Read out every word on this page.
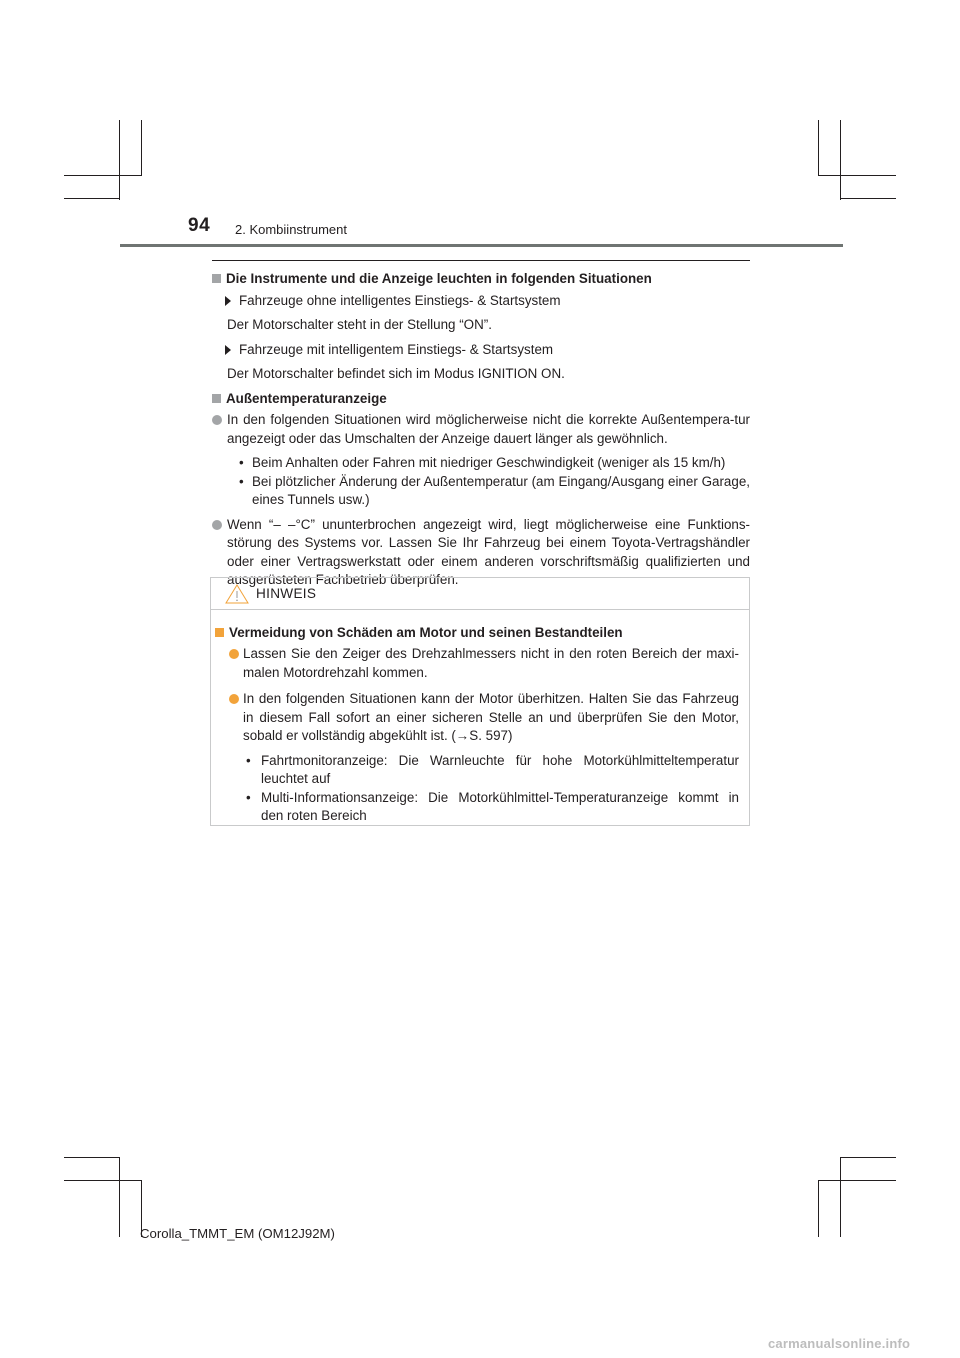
94 2. Kombiinstrument
Die Instrumente und die Anzeige leuchten in folgenden Situationen
Fahrzeuge ohne intelligentes Einstiegs- & Startsystem
Der Motorschalter steht in der Stellung “ON”.
Fahrzeuge mit intelligentem Einstiegs- & Startsystem
Der Motorschalter befindet sich im Modus IGNITION ON.
Außentemperaturanzeige
In den folgenden Situationen wird möglicherweise nicht die korrekte Außentempera-tur angezeigt oder das Umschalten der Anzeige dauert länger als gewöhnlich.
• Beim Anhalten oder Fahren mit niedriger Geschwindigkeit (weniger als 15 km/h)
• Bei plötzlicher Änderung der Außentemperatur (am Eingang/Ausgang einer Garage, eines Tunnels usw.)
Wenn “– –°C” ununterbrochen angezeigt wird, liegt möglicherweise eine Funktions-störung des Systems vor. Lassen Sie Ihr Fahrzeug bei einem Toyota-Vertragshändler oder einer Vertragswerkstatt oder einem anderen vorschriftsmäßig qualifizierten und ausgerüsteten Fachbetrieb überprüfen.
HINWEIS
Vermeidung von Schäden am Motor und seinen Bestandteilen
Lassen Sie den Zeiger des Drehzahlmessers nicht in den roten Bereich der maxi-malen Motordrehzahl kommen.
In den folgenden Situationen kann der Motor überhitzen. Halten Sie das Fahrzeug in diesem Fall sofort an einer sicheren Stelle an und überprüfen Sie den Motor, sobald er vollständig abgekühlt ist. (→S. 597)
• Fahrtmonitoranzeige: Die Warnleuchte für hohe Motorkühlmitteltemperatur leuchtet auf
• Multi-Informationsanzeige: Die Motorkühlmittel-Temperaturanzeige kommt in den roten Bereich
Corolla_TMMT_EM (OM12J92M)
carmanualsonline.info
